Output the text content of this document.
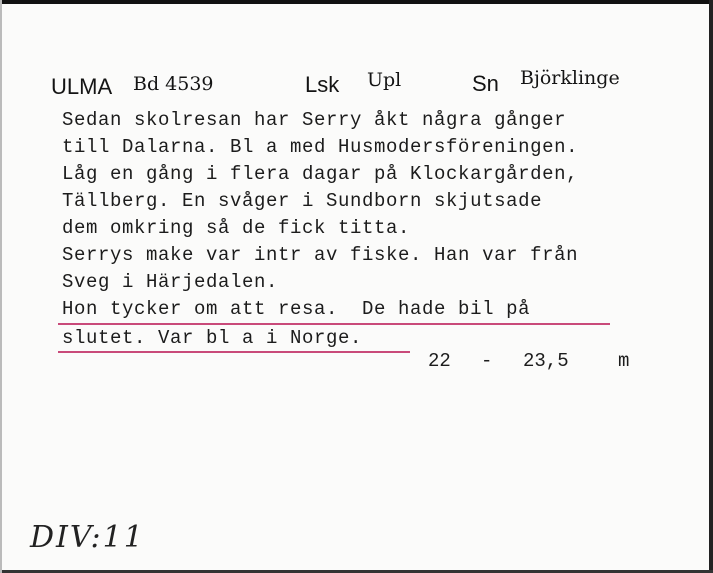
ULMA Bd 4539	Lsk Upl	Sn Björklinge
Sedan skolresan har Serry åkt några gånger
till Dalarna. Bl a med Husmodersföreningen.
Låg en gång i flera dagar på Klockargården,
Tällberg. En svåger i Sundborn skjutsade
dem omkring så de fick titta.
Serrys make var intr av fiske. Han var från
Sveg i Härjedalen.
Hon tycker om att resa.  De hade bil på
slutet. Var bl a i Norge.
22 - 23,5	m
DIV:11
